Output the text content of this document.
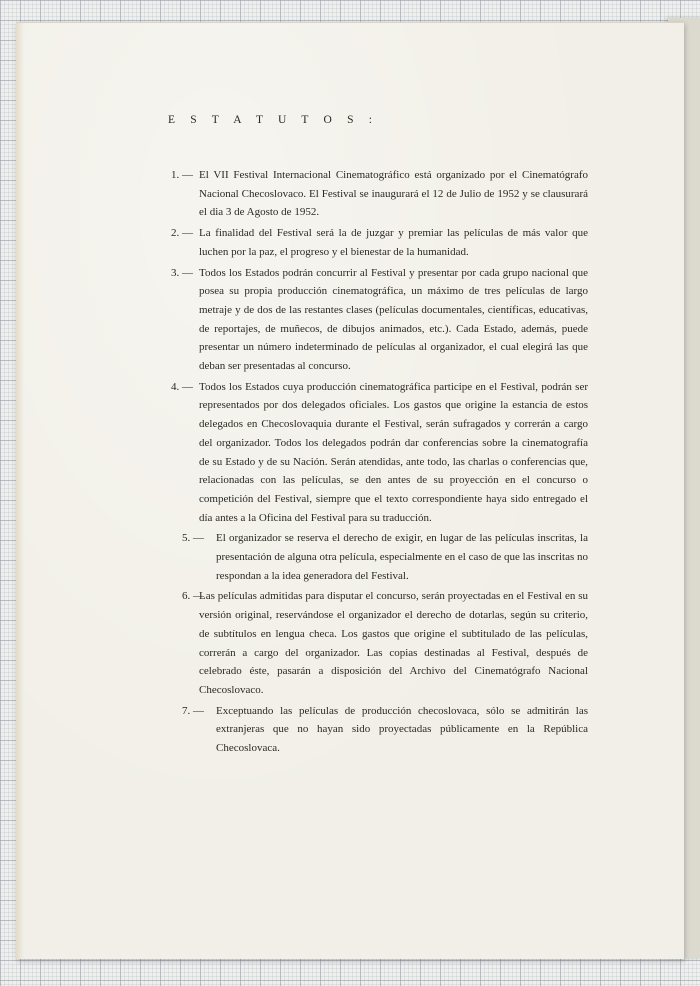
E S T A T U T O S :
1. — El VII Festival Internacional Cinematográfico está organizado por el Cinematógrafo Nacional Checoslovaco. El Festival se inaugurará el 12 de Julio de 1952 y se clausurará el dia 3 de Agosto de 1952.
2. — La finalidad del Festival será la de juzgar y premiar las películas de más valor que luchen por la paz, el progreso y el bienestar de la humanidad.
3. — Todos los Estados podrán concurrir al Festival y presentar por cada grupo nacional que posea su propia producción cinematográfica, un máximo de tres películas de largo metraje y de dos de las restantes clases (películas documentales, científicas, educativas, de reportajes, de muñecos, de dibujos animados, etc.). Cada Estado, además, puede presentar un número indeterminado de películas al organizador, el cual elegirá las que deban ser presentadas al concurso.
4. — Todos los Estados cuya producción cinematográfica participe en el Festival, podrán ser representados por dos delegados oficiales. Los gastos que origine la estancia de estos delegados en Checoslovaquia durante el Festival, serán sufragados y correrán a cargo del organizador. Todos los delegados podrán dar conferencias sobre la cinematografía de su Estado y de su Nación. Serán atendidas, ante todo, las charlas o conferencias que, relacionadas con las películas, se den antes de su proyección en el concurso o competición del Festival, siempre que el texto correspondiente haya sido entregado el día antes a la Oficina del Festival para su traducción.
5. — El organizador se reserva el derecho de exigir, en lugar de las películas inscritas, la presentación de alguna otra película, especialmente en el caso de que las inscritas no respondan a la idea generadora del Festival.
6. —
Las películas admitidas para disputar el concurso, serán proyectadas en el Festival en su versión original, reservándose el organizador el derecho de dotarlas, según su criterio, de subtítulos en lengua checa. Los gastos que origine el subtitulado de las películas, correrán a cargo del organizador. Las copias destinadas al Festival, después de celebrado éste, pasarán a disposición del Archivo del Cinematógrafo Nacional Checoslovaco.
7. — Exceptuando las películas de producción checoslovaca, sólo se admitirán las extranjeras que no hayan sido proyectadas públicamente en la República Checoslovaca.
